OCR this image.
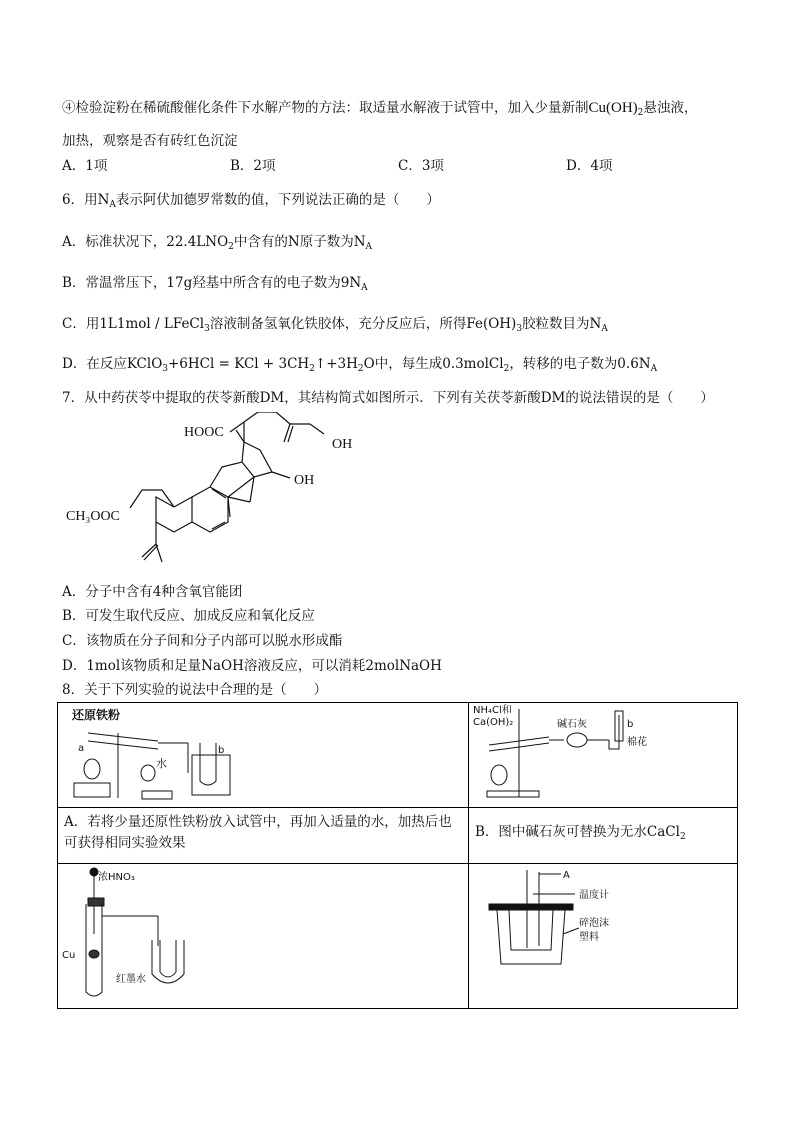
④检验淀粉在稀硫酸催化条件下水解产物的方法：取适量水解液于试管中，加入少量新制$Cu(OH)_2$悬浊液，
加热，观察是否有砖红色沉淀
A．1项	B．2项	C．3项	D．4项
6．用$N_A$表示阿伏加德罗常数的值，下列说法正确的是（　　）
A．标准状况下，$22.4LNO_2$中含有的N原子数为$N_A$
B．常温常压下，17g羟基中所含有的电子数为$9N_A$
C．用1L1mol / LFeCl$_3$溶液制备氢氧化铁胶体，充分反应后，所得$Fe(OH)_3$胶粒数目为$N_A$
D．在反应KClO$_3$+6HCl = KCl + $3CH_2↑+3H_2O$中，每生成0.3molCl$_2$，转移的电子数为$0.6N_A$
7．从中药茯苓中提取的茯苓新酸DM，其结构简式如图所示．下列有关茯苓新酸DM的说法错误的是（　　）
HOOC
OH
OH
CH₃OOC
A．分子中含有4种含氧官能团
B．可发生取代反应、加成反应和氧化反应
C．该物质在分子间和分子内部可以脱水形成酯
D．1mol该物质和足量NaOH溶液反应，可以消耗2molNaOH
8．关于下列实验的说法中合理的是（　　）
还原铁粉
a b
水	NH₄Cl和
Ca(OH)₂ 碱石灰
棉花
b

A．若将少量还原性铁粉放入试管中，再加入适量的水，加热后也
可获得相同实验效果	B．图中碱石灰可替换为无水CaCl$_2$

浓HNO₃
Cu
红墨水	A
温度计
碎泡沫
塑料
